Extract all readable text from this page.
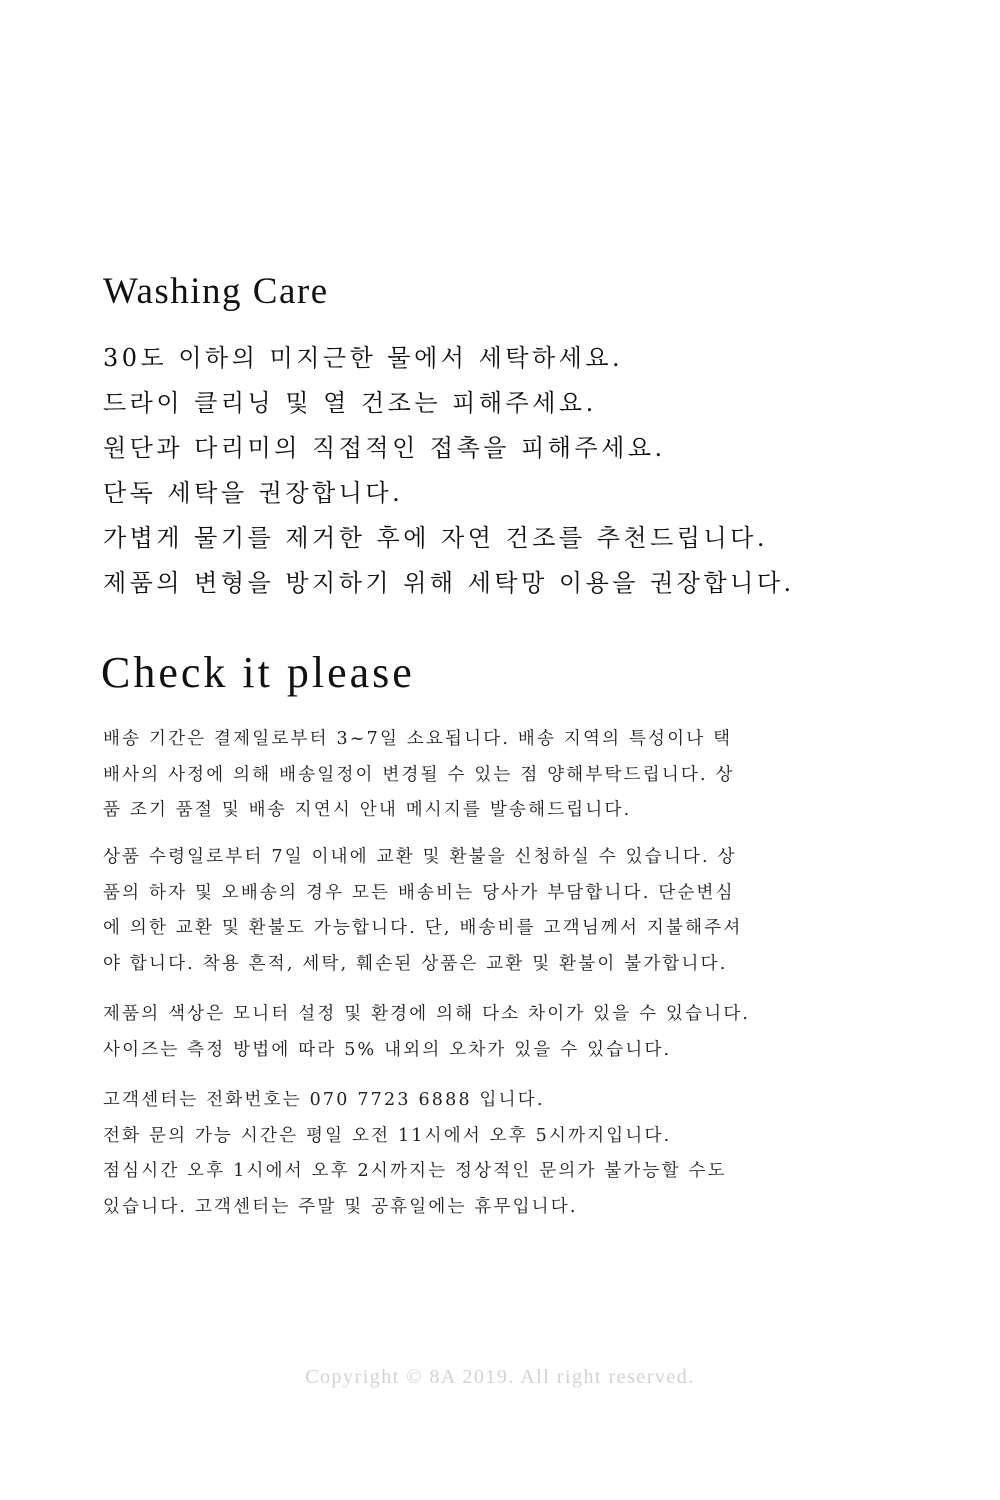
Washing Care
30도 이하의 미지근한 물에서 세탁하세요.
드라이 클리닝 및 열 건조는 피해주세요.
원단과 다리미의 직접적인 접촉을 피해주세요.
단독 세탁을 권장합니다.
가볍게 물기를 제거한 후에 자연 건조를 추천드립니다.
제품의 변형을 방지하기 위해 세탁망 이용을 권장합니다.
Check it please
배송 기간은 결제일로부터 3~7일 소요됩니다. 배송 지역의 특성이나 택
배사의 사정에 의해 배송일정이 변경될 수 있는 점 양해부탁드립니다. 상
품 조기 품절 및 배송 지연시 안내 메시지를 발송해드립니다.
상품 수령일로부터 7일 이내에 교환 및 환불을 신청하실 수 있습니다. 상
품의 하자 및 오배송의 경우 모든 배송비는 당사가 부담합니다. 단순변심
에 의한 교환 및 환불도 가능합니다. 단, 배송비를 고객님께서 지불해주셔
야 합니다. 착용 흔적, 세탁, 훼손된 상품은 교환 및 환불이 불가합니다.
제품의 색상은 모니터 설정 및 환경에 의해 다소 차이가 있을 수 있습니다.
사이즈는 측정 방법에 따라 5% 내외의 오차가 있을 수 있습니다.
고객센터는 전화번호는 070 7723 6888 입니다.
전화 문의 가능 시간은 평일 오전 11시에서 오후 5시까지입니다.
점심시간 오후 1시에서 오후 2시까지는 정상적인 문의가 불가능할 수도
있습니다. 고객센터는 주말 및 공휴일에는 휴무입니다.
Copyright © 8A 2019. All right reserved.
